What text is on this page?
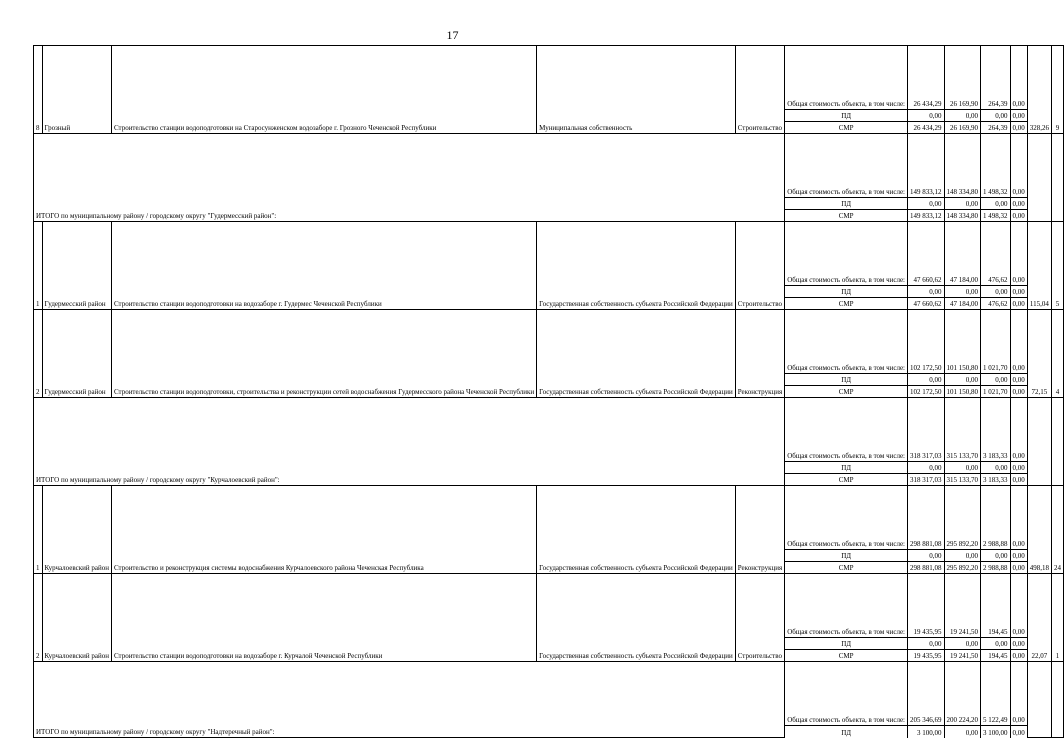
17
8	Грозный	Строительство станции водоподготовки на Старосунженском водозаборе г. Грозного Чеченской Республики	Муниципальная собственность	Строительство	Общая стоимость объекта, в том числе:	26 434,29	26 169,90	264,39	0,00	328,26	9
					ПД	0,00	0,00	0,00	0,00		
					СМР	26 434,29	26 169,90	264,39	0,00		
ИТОГО по муниципальному району / городскому округу "Гудермесский район":					Общая стоимость объекта, в том числе:	149 833,12	148 334,80	1 498,32	0,00		
					ПД	0,00	0,00	0,00	0,00		
					СМР	149 833,12	148 334,80	1 498,32	0,00		
1	Гудермесский район	Строительство станции водоподготовки на водозаборе г. Гудермес Чеченской Республики	Государственная собственность субъекта Российской Федерации	Строительство	Общая стоимость объекта, в том числе:	47 660,62	47 184,00	476,62	0,00	115,04	5
					ПД	0,00	0,00	0,00	0,00		
					СМР	47 660,62	47 184,00	476,62	0,00		
2	Гудермесский район	Строительство станции водоподготовки, строительства и реконструкции сетей водоснабжения Гудермесского района Чеченской Республики	Государственная собственность субъекта Российской Федерации	Реконструкция	Общая стоимость объекта, в том числе:	102 172,50	101 150,80	1 021,70	0,00	72,15	4
					ПД	0,00	0,00	0,00	0,00		
					СМР	102 172,50	101 150,80	1 021,70	0,00		
ИТОГО по муниципальному району / городскому округу "Курчалоевский район":					Общая стоимость объекта, в том числе:	318 317,03	315 133,70	3 183,33	0,00		
					ПД	0,00	0,00	0,00	0,00		
					СМР	318 317,03	315 133,70	3 183,33	0,00		
1	Курчалоевский район	Строительство и реконструкция системы водоснабжения Курчалоевского района Чеченская Республика	Государственная собственность субъекта Российской Федерации	Реконструкция	Общая стоимость объекта, в том числе:	298 881,08	295 892,20	2 988,88	0,00	498,18	24
					ПД	0,00	0,00	0,00	0,00		
					СМР	298 881,08	295 892,20	2 988,88	0,00		
2	Курчалоевский район	Строительство станции водоподготовки на водозаборе г. Курчалой Чеченской Республики	Государственная собственность субъекта Российской Федерации	Строительство	Общая стоимость объекта, в том числе:	19 435,95	19 241,50	194,45	0,00	22,07	1
					ПД	0,00	0,00	0,00	0,00		
					СМР	19 435,95	19 241,50	194,45	0,00		
ИТОГО по муниципальному району / городскому округу "Надтеречный район":					Общая стоимость объекта, в том числе:	205 346,69	200 224,20	5 122,49	0,00		
					ПД	3 100,00	0,00	3 100,00	0,00		
